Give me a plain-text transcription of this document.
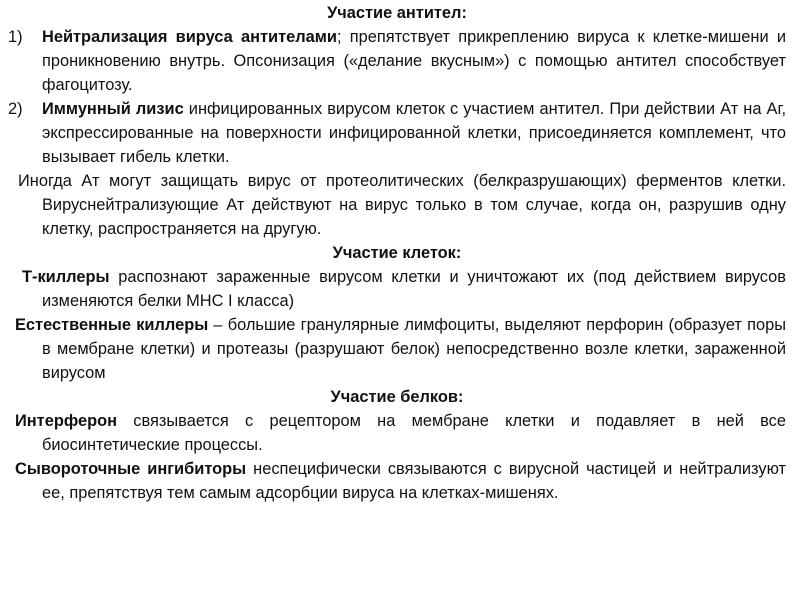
Участие антител:
1) Нейтрализация вируса антителами; препятствует прикреплению вируса к клетке-мишени и проникновению внутрь. Опсонизация («делание вкусным») с помощью антител способствует фагоцитозу.
2) Иммунный лизис инфицированных вирусом клеток с участием антител. При действии Ат на Аг, экспрессированные на поверхности инфицированной клетки, присоединяется комплемент, что вызывает гибель клетки.
Иногда Ат могут защищать вирус от протеолитических (белкразрушающих) ферментов клетки. Вируснейтрализующие Ат действуют на вирус только в том случае, когда он, разрушив одну клетку, распространяется на другую.
Участие клеток:
Т-киллеры распознают зараженные вирусом клетки и уничтожают их (под действием вирусов изменяются белки МНС I класса)
Естественные киллеры – большие гранулярные лимфоциты, выделяют перфорин (образует поры в мембране клетки) и протеазы (разрушают белок) непосредственно возле клетки, зараженной вирусом
Участие белков:
Интерферон связывается с рецептором на мембране клетки и подавляет в ней все биосинтетические процессы.
Сывороточные ингибиторы неспецифически связываются с вирусной частицей и нейтрализуют ее, препятствуя тем самым адсорбции вируса на клетках-мишенях.
